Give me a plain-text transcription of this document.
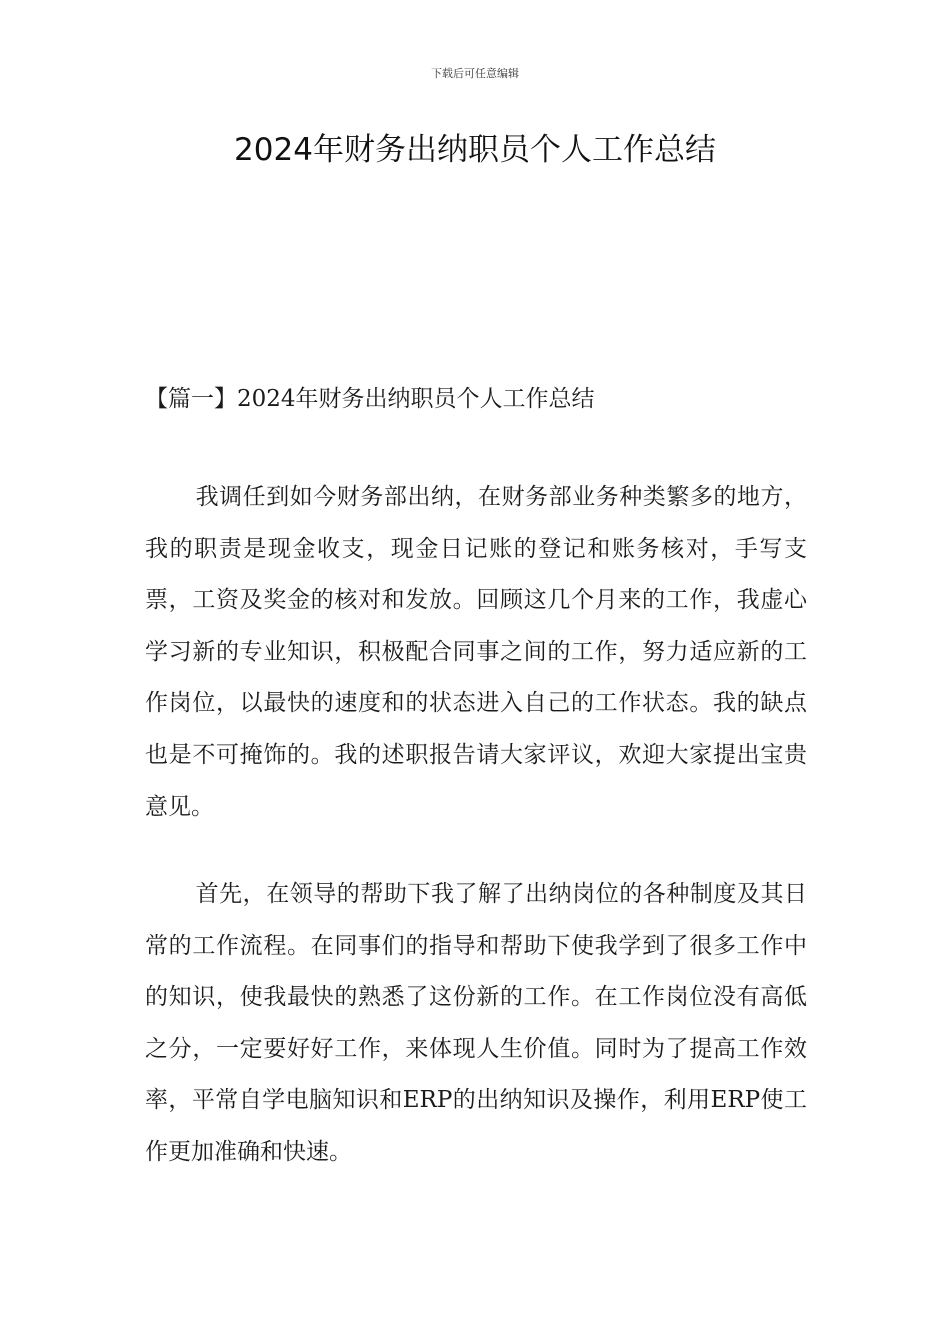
下载后可任意编辑
2024年财务出纳职员个人工作总结
【篇一】2024年财务出纳职员个人工作总结

我调任到如今财务部出纳，在财务部业务种类繁多的地方，我的职责是现金收支，现金日记账的登记和账务核对，手写支票，工资及奖金的核对和发放。回顾这几个月来的工作，我虚心学习新的专业知识，积极配合同事之间的工作，努力适应新的工作岗位，以最快的速度和的状态进入自己的工作状态。我的缺点也是不可掩饰的。我的述职报告请大家评议，欢迎大家提出宝贵意见。

首先，在领导的帮助下我了解了出纳岗位的各种制度及其日常的工作流程。在同事们的指导和帮助下使我学到了很多工作中的知识，使我最快的熟悉了这份新的工作。在工作岗位没有高低之分，一定要好好工作，来体现人生价值。同时为了提高工作效率，平常自学电脑知识和ERP的出纳知识及操作，利用ERP使工作更加准确和快速。
